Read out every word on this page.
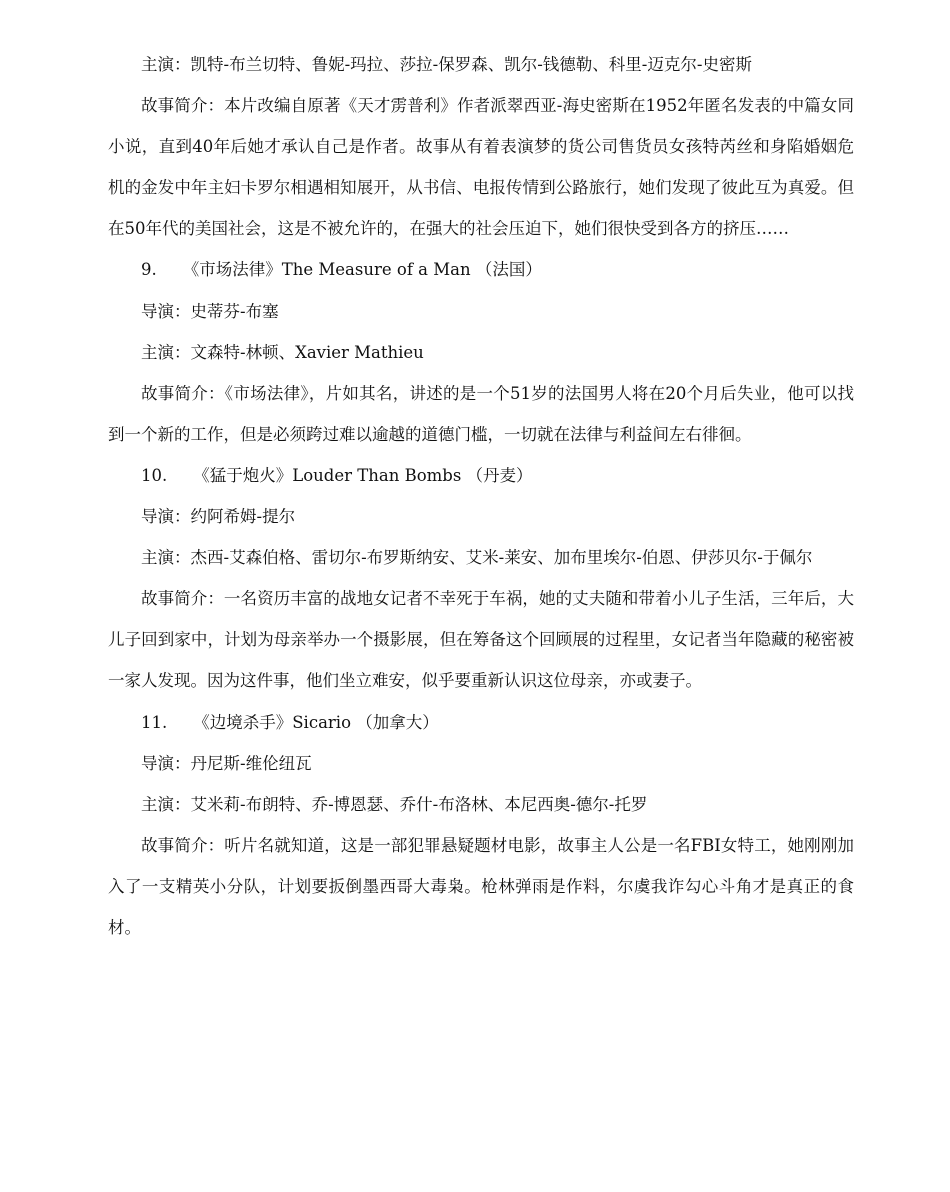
主演：凯特-布兰切特、鲁妮-玛拉、莎拉-保罗森、凯尔-钱德勒、科里-迈克尔-史密斯

故事简介：本片改编自原著《天才雳普利》作者派翠西亚-海史密斯在1952年匿名发表的中篇女同小说，直到40年后她才承认自己是作者。故事从有着表演梦的货公司售货员女孩特芮丝和身陷婚姻危机的金发中年主妇卡罗尔相遇相知展开，从书信、电报传情到公路旅行，她们发现了彼此互为真爱。但在50年代的美国社会，这是不被允许的，在强大的社会压迫下，她们很快受到各方的挤压……

9. 《市场法律》The Measure of a Man （法国）

导演：史蒂芬-布塞

主演：文森特-林顿、Xavier Mathieu

故事简介：《市场法律》，片如其名，讲述的是一个51岁的法国男人将在20个月后失业，他可以找到一个新的工作，但是必须跨过难以逾越的道德门槛，一切就在法律与利益间左右徘徊。

10. 《猛于炮火》Louder Than Bombs （丹麦）

导演：约阿希姆-提尔

主演：杰西-艾森伯格、雷切尔-布罗斯纳安、艾米-莱安、加布里埃尔-伯恩、伊莎贝尔-于佩尔

故事简介：一名资历丰富的战地女记者不幸死于车祸，她的丈夫随和带着小儿子生活，三年后，大儿子回到家中，计划为母亲举办一个摄影展，但在筹备这个回顾展的过程里，女记者当年隐藏的秘密被一家人发现。因为这件事，他们坐立难安，似乎要重新认识这位母亲，亦或妻子。

11. 《边境杀手》Sicario （加拿大）

导演：丹尼斯-维伦纽瓦

主演：艾米莉-布朗特、乔-博恩瑟、乔什-布洛林、本尼西奥-德尔-托罗

故事简介：听片名就知道，这是一部犯罪悬疑题材电影，故事主人公是一名FBI女特工，她刚刚加入了一支精英小分队，计划要扳倒墨西哥大毒枭。枪林弹雨是作料，尔虞我诈勾心斗角才是真正的食材。
